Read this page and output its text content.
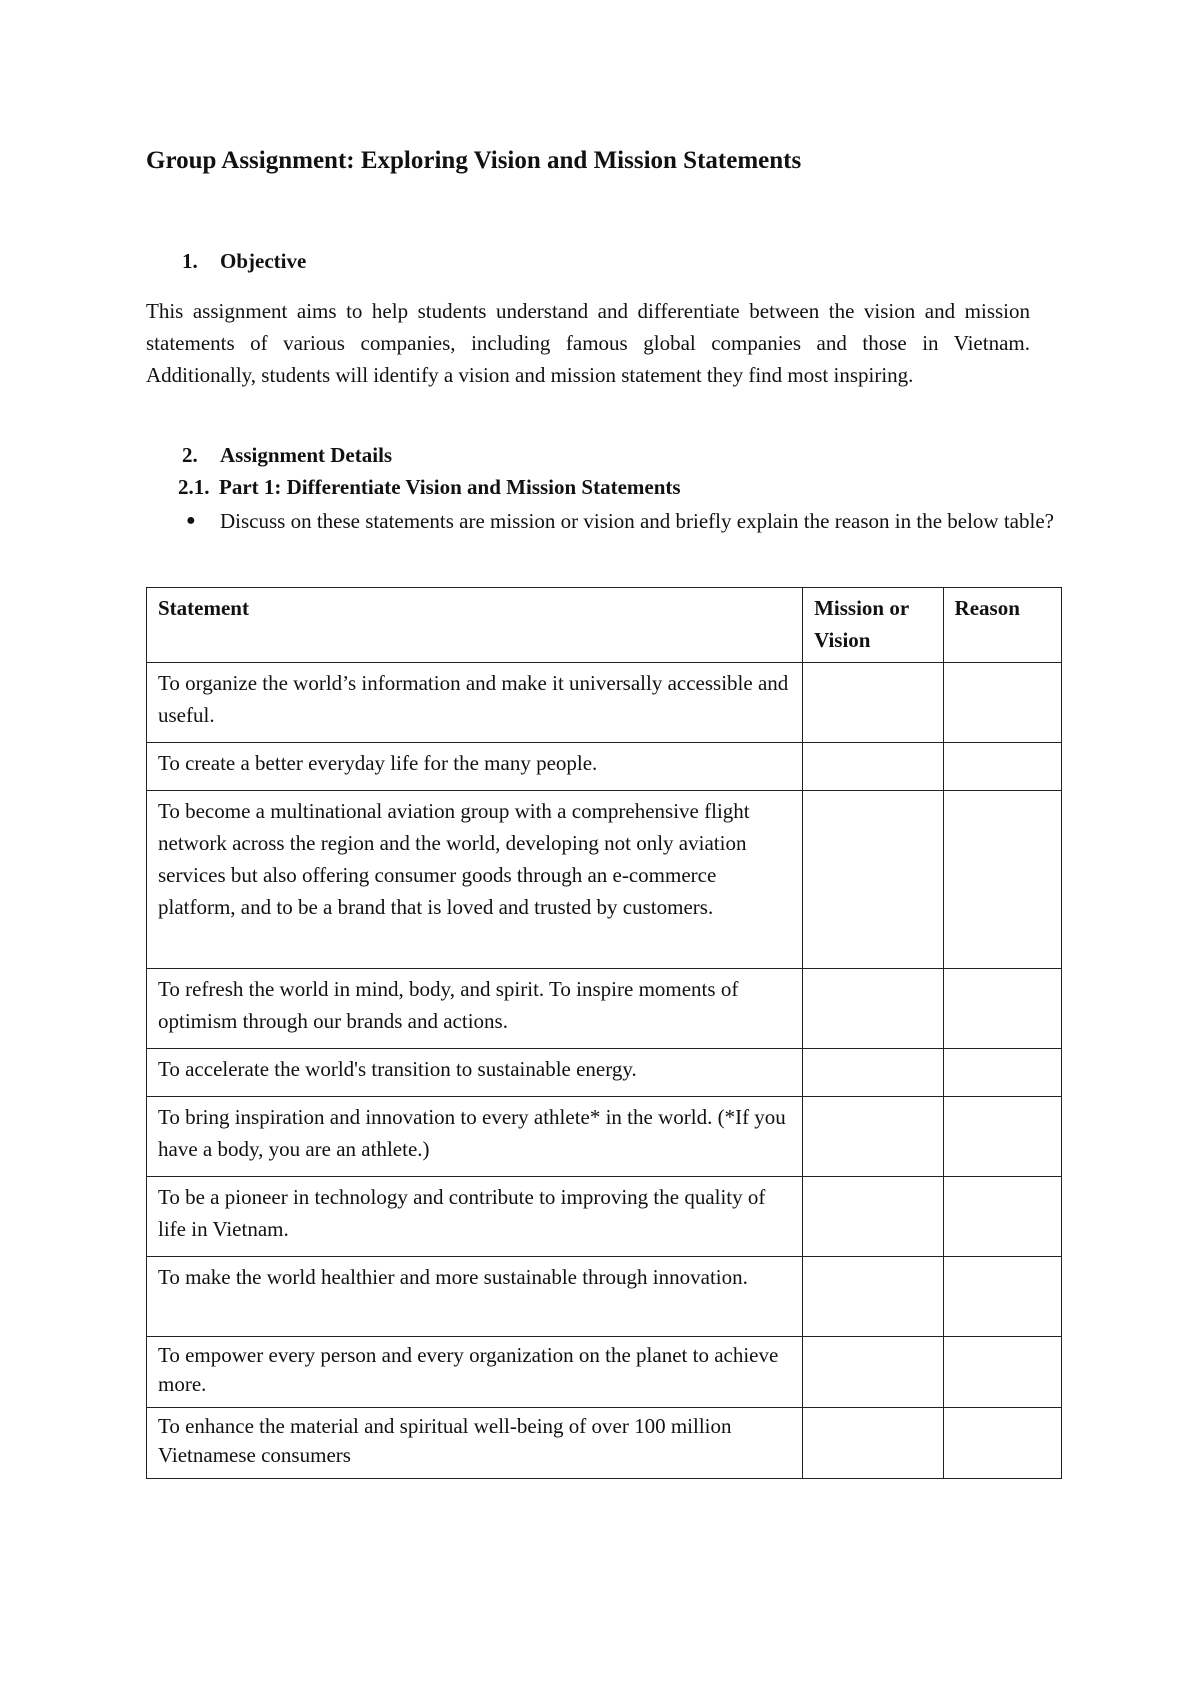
Group Assignment: Exploring Vision and Mission Statements
1. Objective
This assignment aims to help students understand and differentiate between the vision and mission statements of various companies, including famous global companies and those in Vietnam. Additionally, students will identify a vision and mission statement they find most inspiring.
2. Assignment Details
2.1. Part 1: Differentiate Vision and Mission Statements
● Discuss on these statements are mission or vision and briefly explain the reason in the below table?
Statement	Mission or Vision	Reason
To organize the world’s information and make it universally accessible and useful.		
To create a better everyday life for the many people.		
To become a multinational aviation group with a comprehensive flight network across the region and the world, developing not only aviation services but also offering consumer goods through an e-commerce platform, and to be a brand that is loved and trusted by customers.		
To refresh the world in mind, body, and spirit. To inspire moments of optimism through our brands and actions.		
To accelerate the world's transition to sustainable energy.		
To bring inspiration and innovation to every athlete* in the world. (*If you have a body, you are an athlete.)		
To be a pioneer in technology and contribute to improving the quality of life in Vietnam.		
To make the world healthier and more sustainable through innovation.		
To empower every person and every organization on the planet to achieve more.		
To enhance the material and spiritual well-being of over 100 million Vietnamese consumers		
